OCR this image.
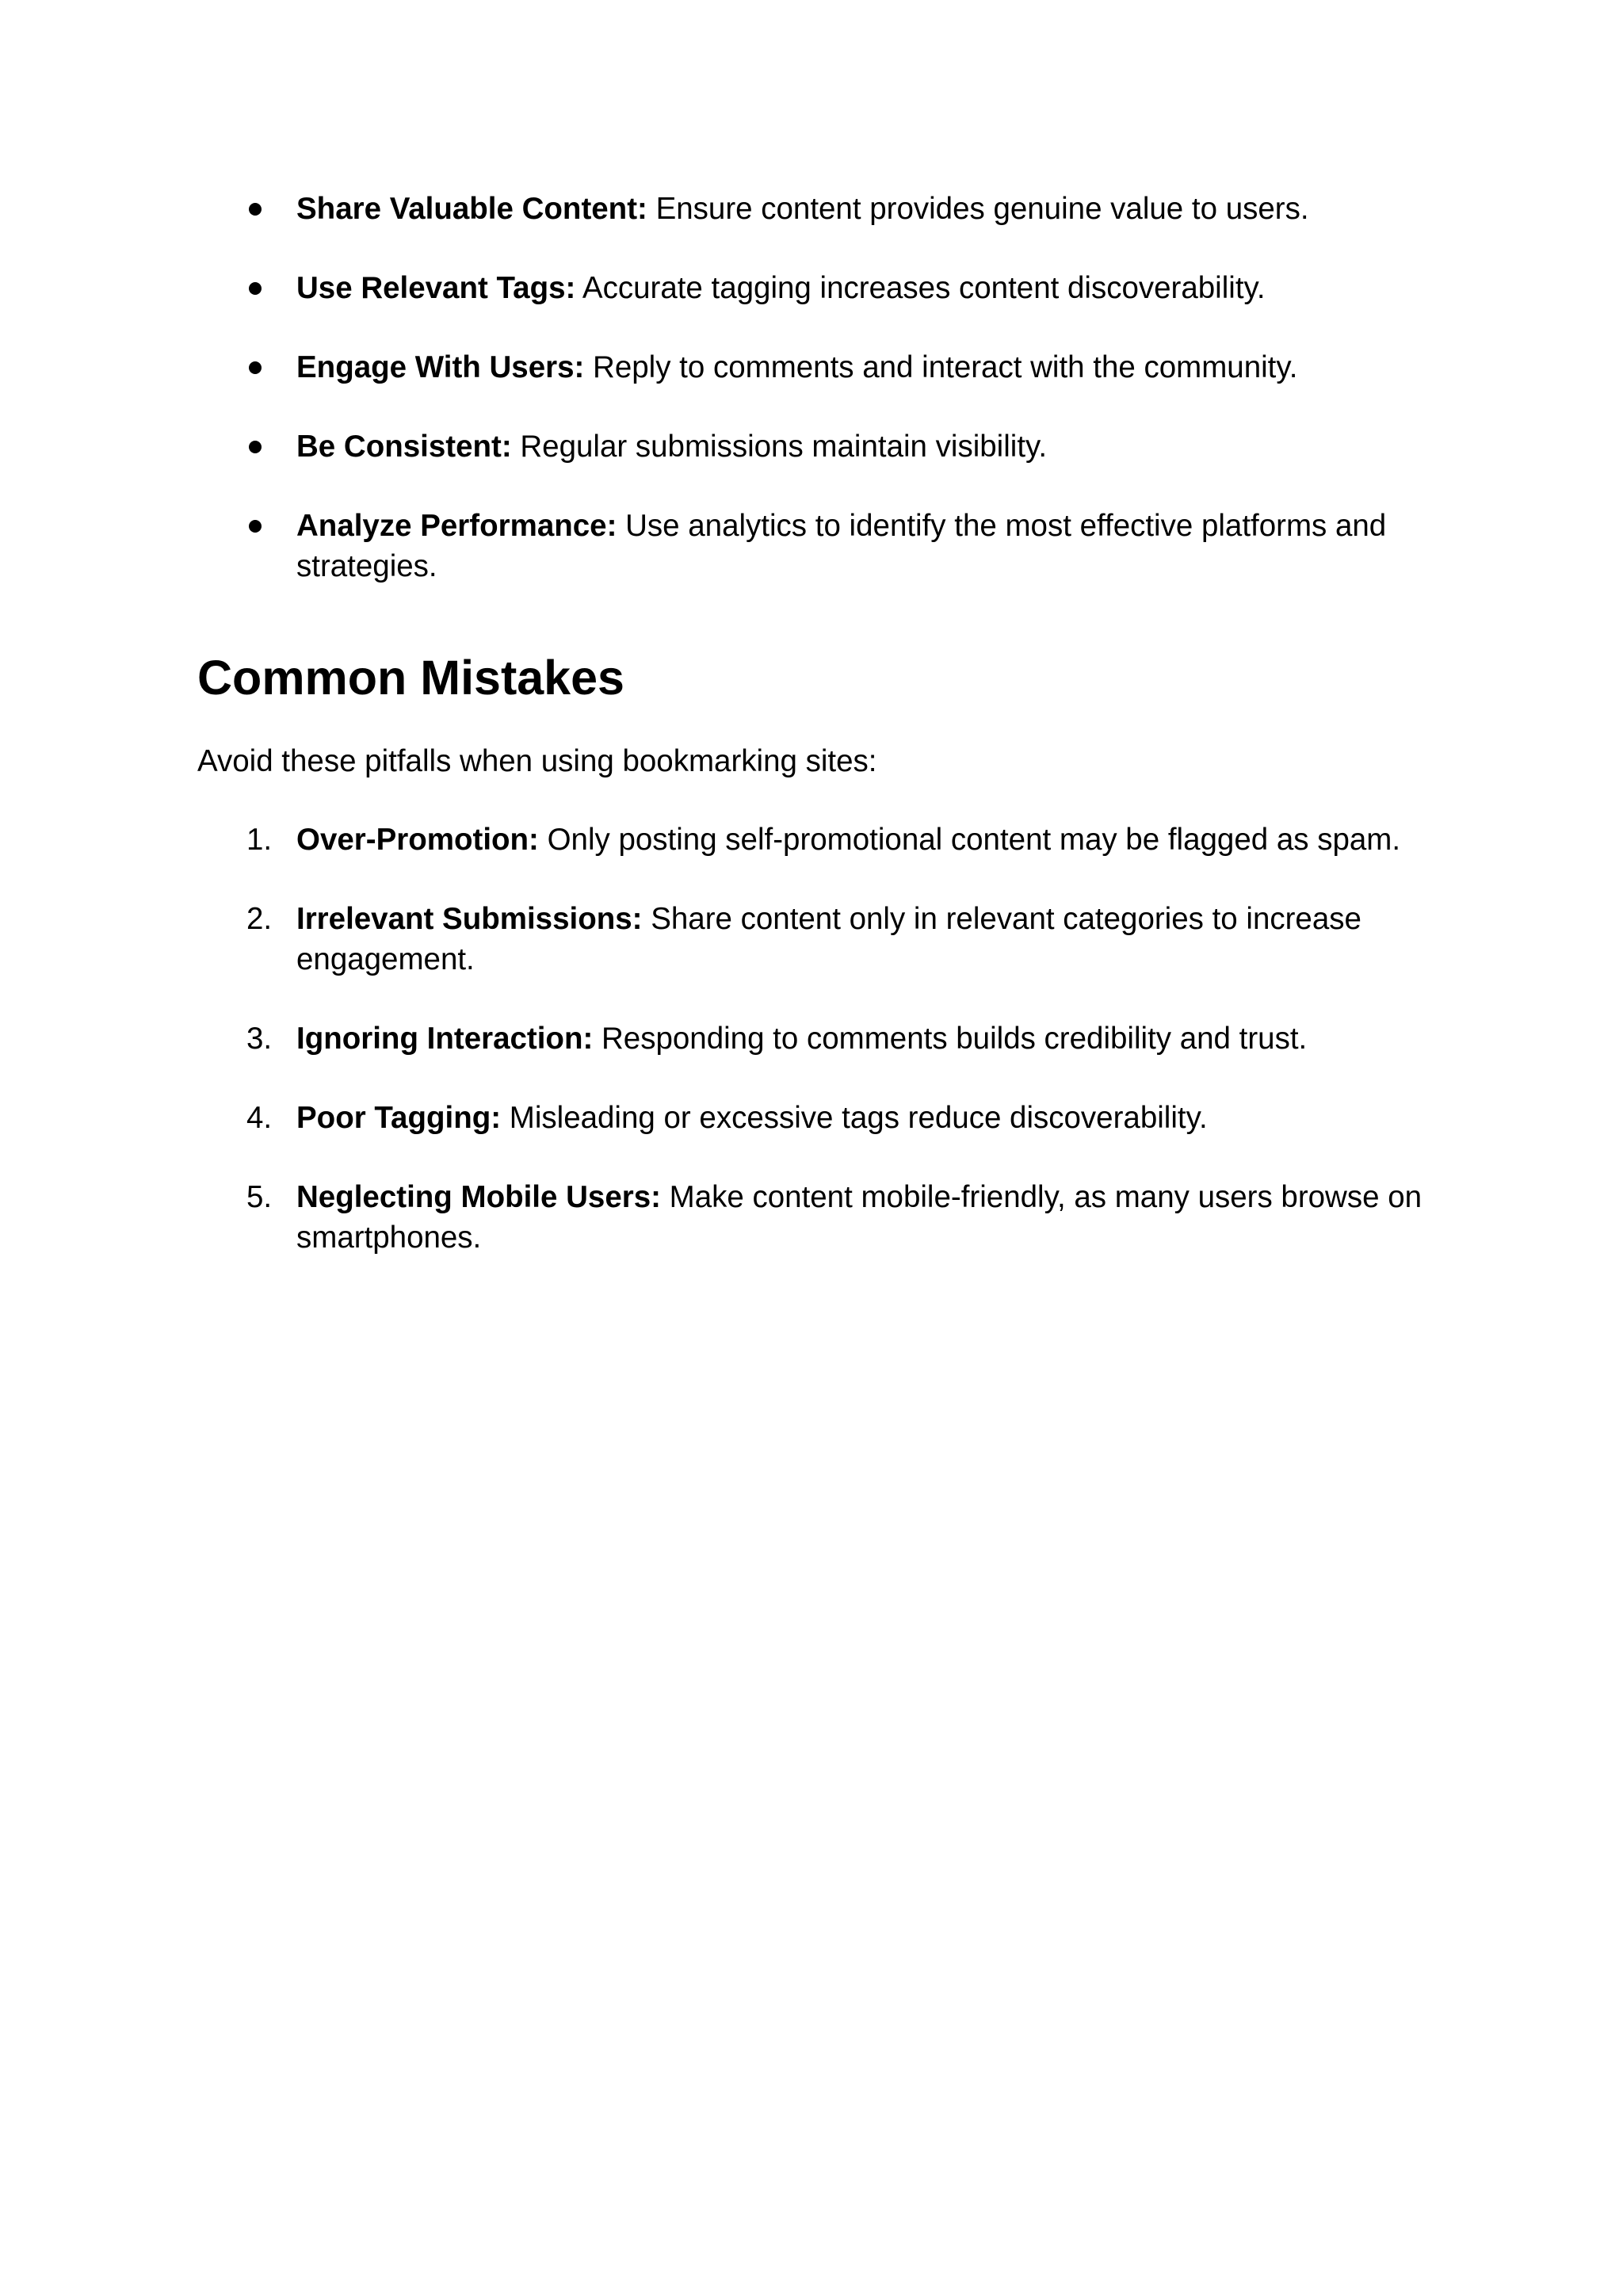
Share Valuable Content: Ensure content provides genuine value to users.
Use Relevant Tags: Accurate tagging increases content discoverability.
Engage With Users: Reply to comments and interact with the community.
Be Consistent: Regular submissions maintain visibility.
Analyze Performance: Use analytics to identify the most effective platforms and strategies.
Common Mistakes

Avoid these pitfalls when using bookmarking sites:

1. Over-Promotion: Only posting self-promotional content may be flagged as spam.
2. Irrelevant Submissions: Share content only in relevant categories to increase engagement.
3. Ignoring Interaction: Responding to comments builds credibility and trust.
4. Poor Tagging: Misleading or excessive tags reduce discoverability.
5. Neglecting Mobile Users: Make content mobile-friendly, as many users browse on smartphones.
